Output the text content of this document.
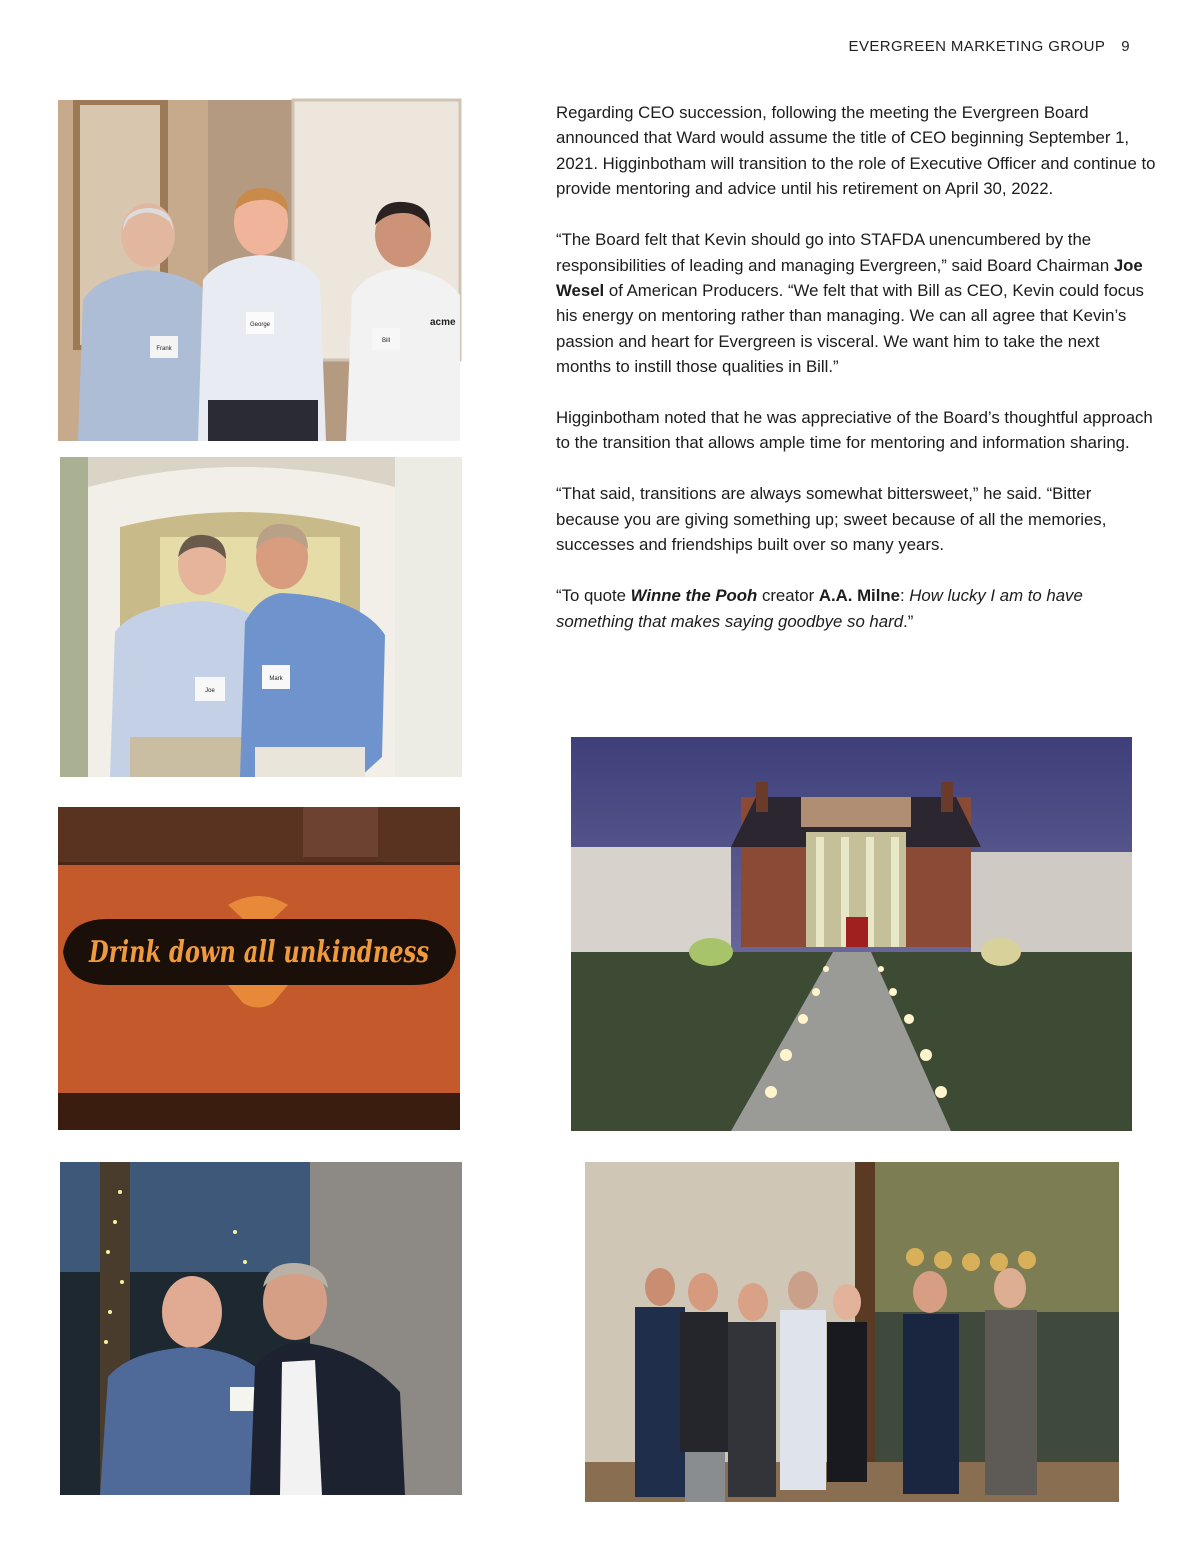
EVERGREEN MARKETING GROUP 9
Frank
George	acme
Bill
Joe
Mark
Drink down all unkindness

Regarding CEO succession, following the meeting the Evergreen Board announced that Ward would assume the title of CEO beginning September 1, 2021. Higginbotham will transition to the role of Executive Officer and continue to provide mentoring and advice until his retirement on April 30, 2022.

“The Board felt that Kevin should go into STAFDA unencumbered by the responsibilities of leading and managing Evergreen,” said Board Chairman Joe Wesel of American Producers. “We felt that with Bill as CEO, Kevin could focus his energy on mentoring rather than managing. We can all agree that Kevin’s passion and heart for Evergreen is visceral. We want him to take the next months to instill those qualities in Bill.”

Higginbotham noted that he was appreciative of the Board’s thoughtful approach to the transition that allows ample time for mentoring and information sharing.

“That said, transitions are always somewhat bittersweet,” he said. “Bitter because you are giving something up; sweet because of all the memories, successes and friendships built over so many years.

“To quote Winne the Pooh creator A.A. Milne: How lucky I am to have something that makes saying goodbye so hard.”
